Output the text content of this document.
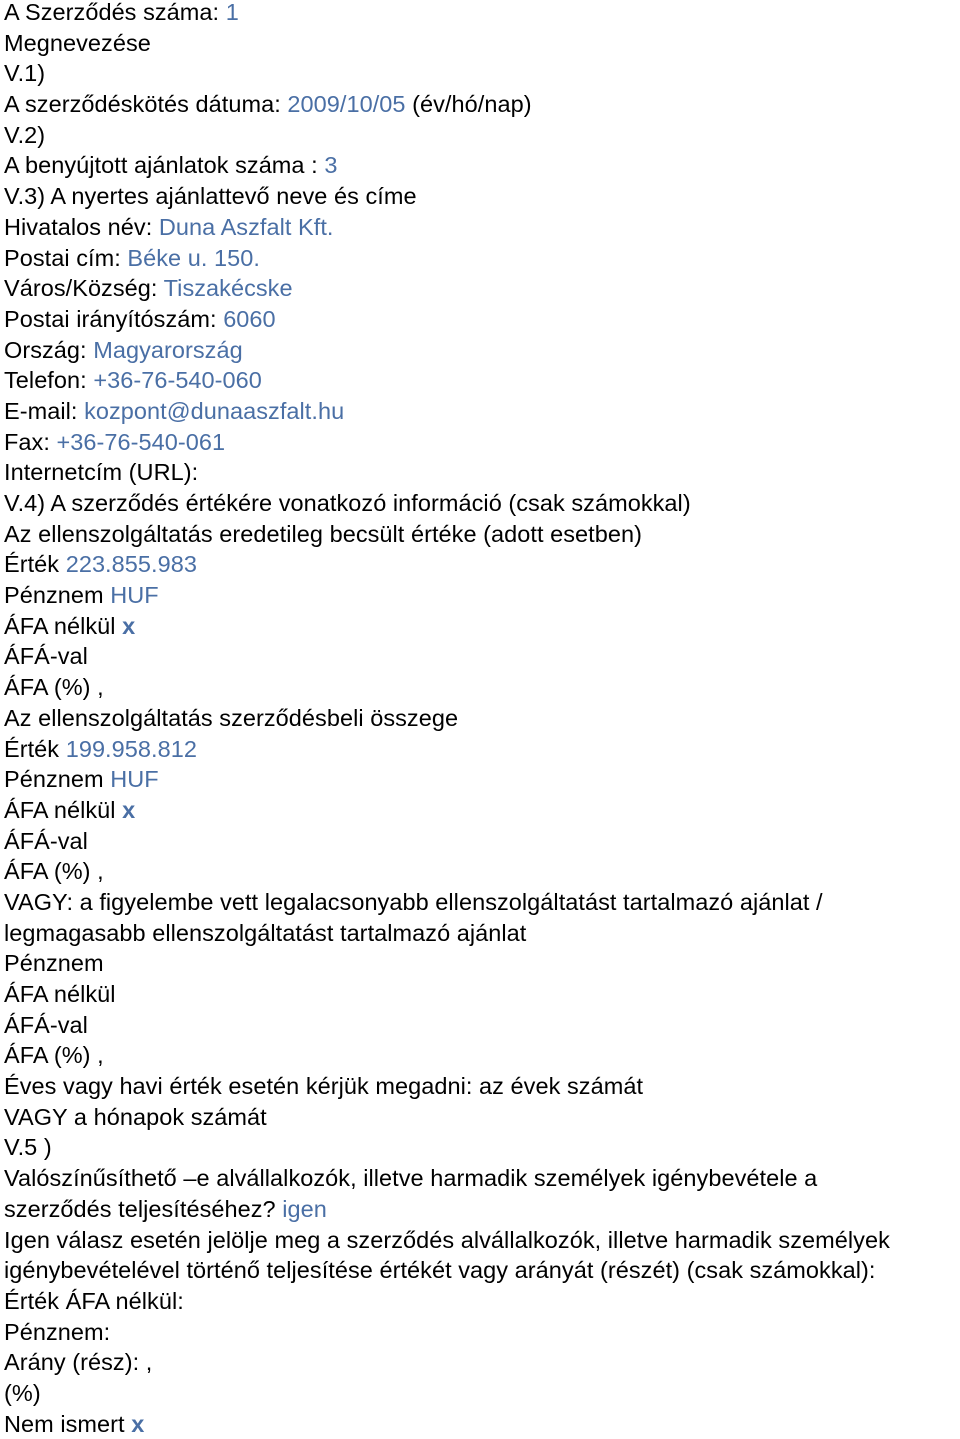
A Szerződés száma: 1
Megnevezése
V.1)
A szerződéskötés dátuma: 2009/10/05 (év/hó/nap)
V.2)
A benyújtott ajánlatok száma : 3
V.3) A nyertes ajánlattevő neve és címe
Hivatalos név: Duna Aszfalt Kft.
Postai cím: Béke u. 150.
Város/Község: Tiszakécske
Postai irányítószám: 6060
Ország: Magyarország
Telefon: +36-76-540-060
E-mail: kozpont@dunaaszfalt.hu
Fax: +36-76-540-061
Internetcím (URL):
V.4) A szerződés értékére vonatkozó információ (csak számokkal)
Az ellenszolgáltatás eredetileg becsült értéke (adott esetben)
Érték 223.855.983
Pénznem HUF
ÁFA nélkül x
ÁFÁ-val
ÁFA (%) ,
Az ellenszolgáltatás szerződésbeli összege
Érték 199.958.812
Pénznem HUF
ÁFA nélkül x
ÁFÁ-val
ÁFA (%) ,
VAGY: a figyelembe vett legalacsonyabb ellenszolgáltatást tartalmazó ajánlat /
legmagasabb ellenszolgáltatást tartalmazó ajánlat
Pénznem
ÁFA nélkül
ÁFÁ-val
ÁFA (%) ,
Éves vagy havi érték esetén kérjük megadni: az évek számát
VAGY a hónapok számát
V.5 )
Valószínűsíthető –e alvállalkozók, illetve harmadik személyek igénybevétele a
szerződés teljesítéséhez? igen
Igen válasz esetén jelölje meg a szerződés alvállalkozók, illetve harmadik személyek
igénybevételével történő teljesítése értékét vagy arányát (részét) (csak számokkal):
Érték ÁFA nélkül:
Pénznem:
Arány (rész): ,
(%)
Nem ismert x
